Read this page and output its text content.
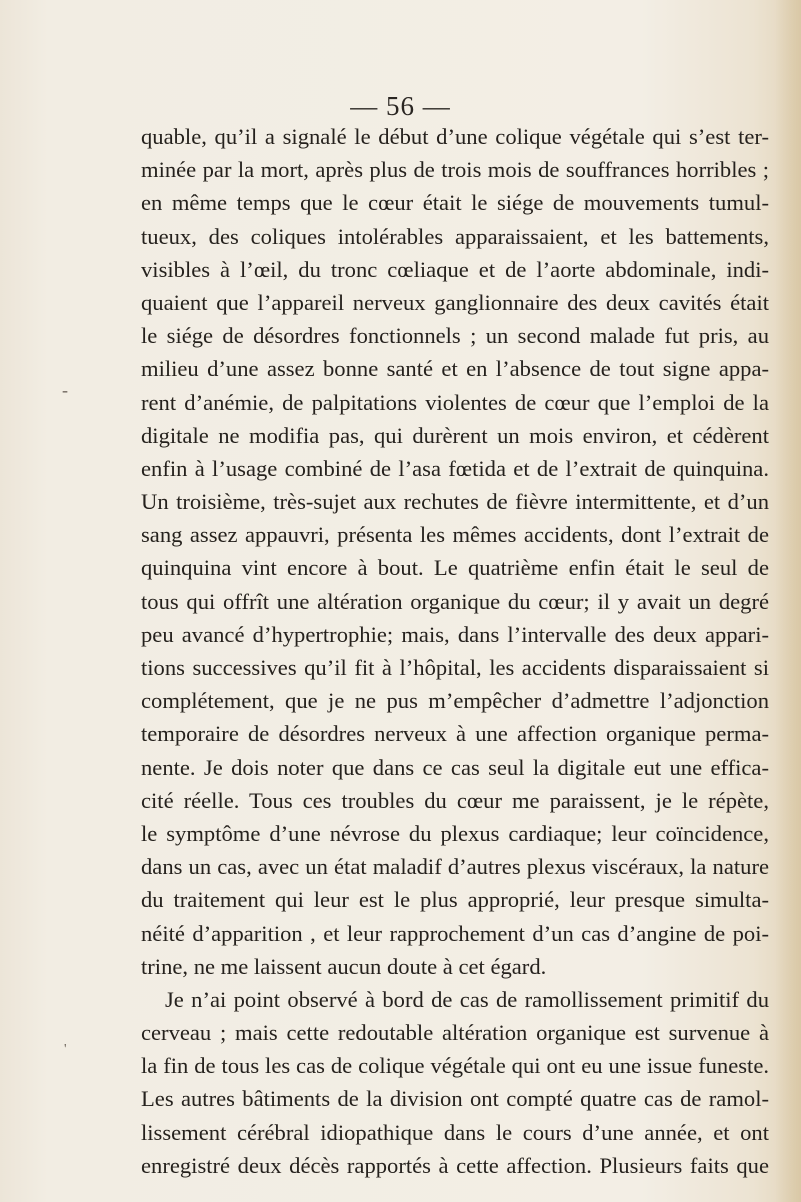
— 56 —
-
'
quable, qu’il a signalé le début d’une colique végétale qui s’est ter-
minée par la mort, après plus de trois mois de souffrances horribles ;
en même temps que le cœur était le siége de mouvements tumul-
tueux, des coliques intolérables apparaissaient, et les battements,
visibles à l’œil, du tronc cœliaque et de l’aorte abdominale, indi-
quaient que l’appareil nerveux ganglionnaire des deux cavités était
le siége de désordres fonctionnels ; un second malade fut pris, au
milieu d’une assez bonne santé et en l’absence de tout signe appa-
rent d’anémie, de palpitations violentes de cœur que l’emploi de la
digitale ne modifia pas, qui durèrent un mois environ, et cédèrent
enfin à l’usage combiné de l’asa fœtida et de l’extrait de quinquina.
Un troisième, très-sujet aux rechutes de fièvre intermittente, et d’un
sang assez appauvri, présenta les mêmes accidents, dont l’extrait de
quinquina vint encore à bout. Le quatrième enfin était le seul de
tous qui offrît une altération organique du cœur; il y avait un degré
peu avancé d’hypertrophie; mais, dans l’intervalle des deux appari-
tions successives qu’il fit à l’hôpital, les accidents disparaissaient si
complétement, que je ne pus m’empêcher d’admettre l’adjonction
temporaire de désordres nerveux à une affection organique perma-
nente. Je dois noter que dans ce cas seul la digitale eut une effica-
cité réelle. Tous ces troubles du cœur me paraissent, je le répète,
le symptôme d’une névrose du plexus cardiaque; leur coïncidence,
dans un cas, avec un état maladif d’autres plexus viscéraux, la nature
du traitement qui leur est le plus approprié, leur presque simulta-
néité d’apparition , et leur rapprochement d’un cas d’angine de poi-
trine, ne me laissent aucun doute à cet égard.
Je n’ai point observé à bord de cas de ramollissement primitif du
cerveau ; mais cette redoutable altération organique est survenue à
la fin de tous les cas de colique végétale qui ont eu une issue funeste.
Les autres bâtiments de la division ont compté quatre cas de ramol-
lissement cérébral idiopathique dans le cours d’une année, et ont
enregistré deux décès rapportés à cette affection. Plusieurs faits que
